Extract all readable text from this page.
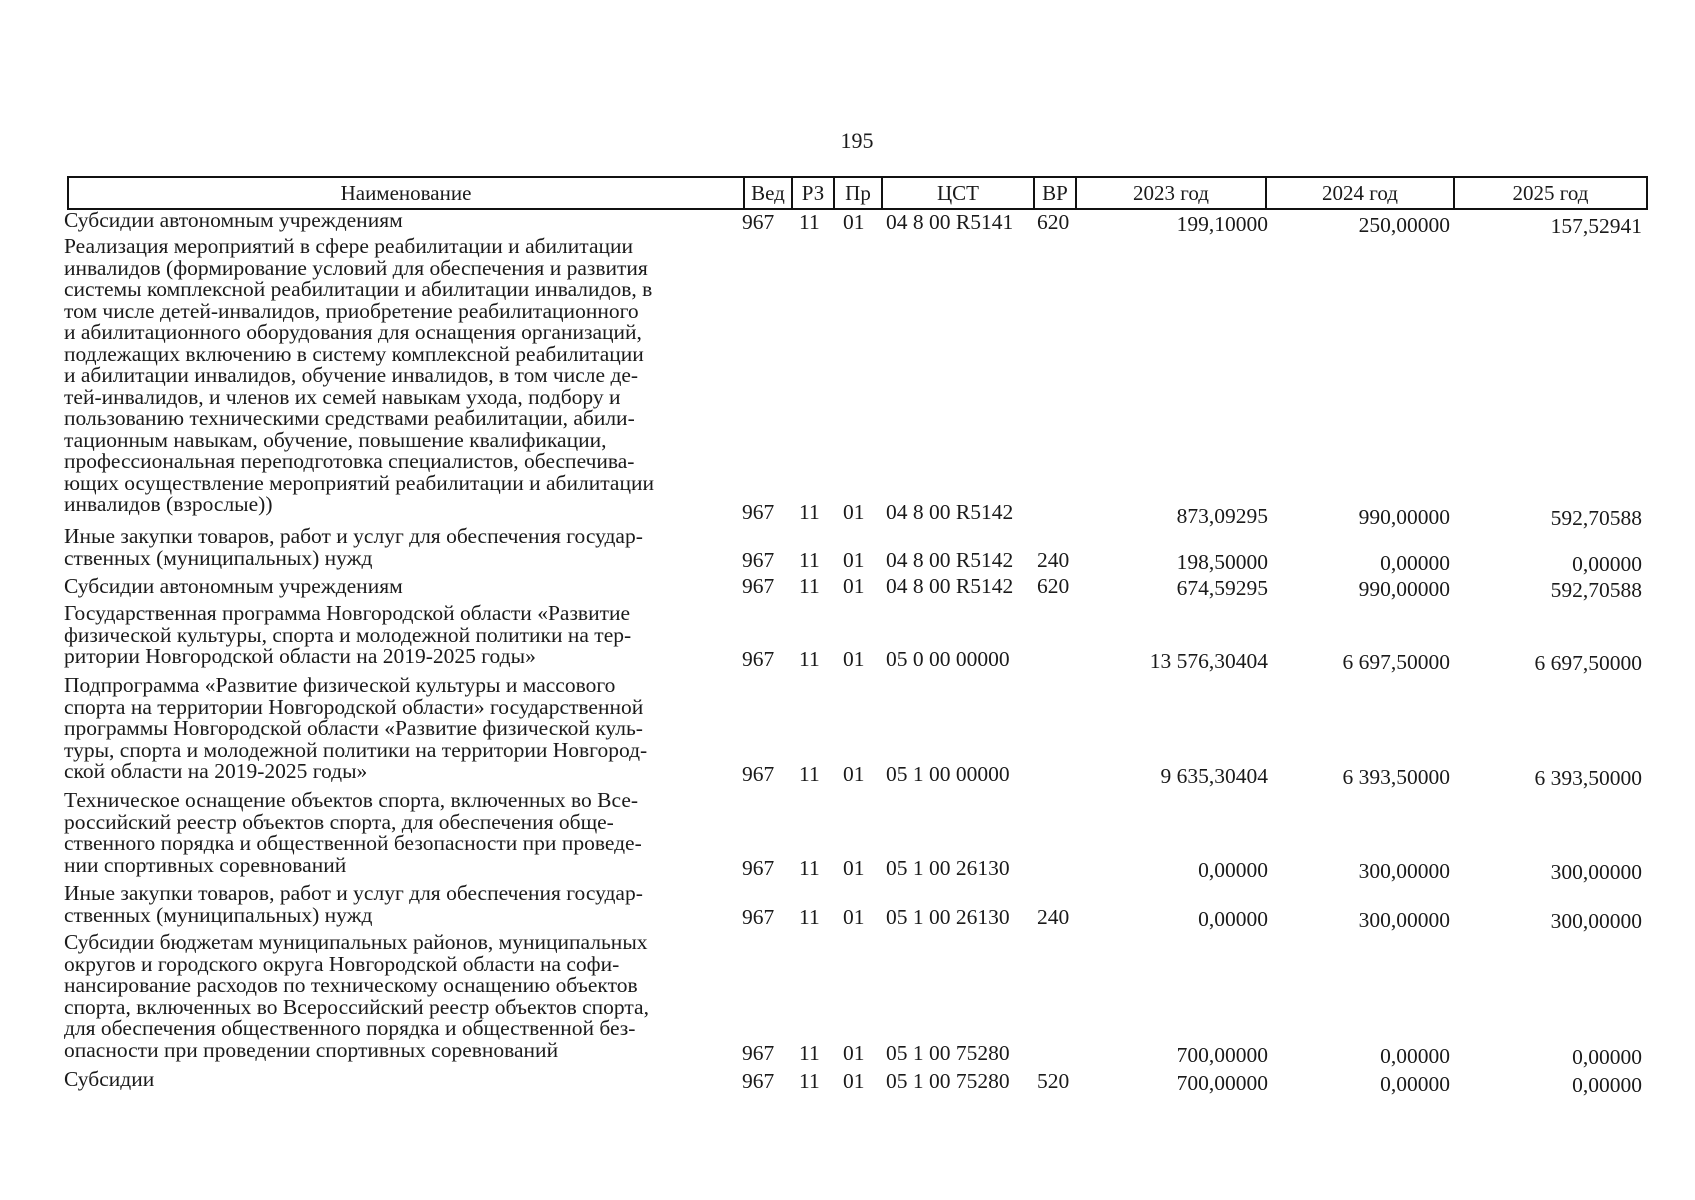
195
Наименование	Вед РЗ Пр	ЦСТ	ВР	2023 год	2024 год	2025 год
Субсидии автономным учреждениям	967	11 01	04 8 00 R5141	620	199,10000	250,00000	157,52941
Реализация мероприятий в сфере реабилитации и абилитации
инвалидов (формирование условий для обеспечения и развития
системы комплексной реабилитации и абилитации инвалидов, в
том числе детей-инвалидов, приобретение реабилитационного
и абилитационного оборудования для оснащения организаций,
подлежащих включению в систему комплексной реабилитации
и абилитации инвалидов, обучение инвалидов, в том числе де-
тей-инвалидов, и членов их семей навыкам ухода, подбору и
пользованию техническими средствами реабилитации, абили-
тационным навыкам, обучение, повышение квалификации,
профессиональная переподготовка специалистов, обеспечива-
ющих осуществление мероприятий реабилитации и абилитации
инвалидов (взрослые))	967	11 01	04 8 00 R5142	873,09295	990,00000	592,70588
Иные закупки товаров, работ и услуг для обеспечения государ-
ственных (муниципальных) нужд	967	11 01	04 8 00 R5142	240	198,50000	0,00000	0,00000
Субсидии автономным учреждениям	967	11 01	04 8 00 R5142	620	674,59295	990,00000	592,70588
Государственная программа Новгородской области «Развитие
физической культуры, спорта и молодежной политики на тер-
ритории Новгородской области на 2019-2025 годы»	967	11 01	05 0 00 00000	13 576,30404	6 697,50000	6 697,50000
Подпрограмма «Развитие физической культуры и массового
спорта на территории Новгородской области» государственной
программы Новгородской области «Развитие физической куль-
туры, спорта и молодежной политики на территории Новгород-
ской области на 2019-2025 годы»	967	11 01	05 1 00 00000	9 635,30404	6 393,50000	6 393,50000
Техническое оснащение объектов спорта, включенных во Все-
российский реестр объектов спорта, для обеспечения обще-
ственного порядка и общественной безопасности при проведе-
нии спортивных соревнований	967	11 01	05 1 00 26130	0,00000	300,00000	300,00000
Иные закупки товаров, работ и услуг для обеспечения государ-
ственных (муниципальных) нужд	967	11 01	05 1 00 26130	240	0,00000	300,00000	300,00000
Субсидии бюджетам муниципальных районов, муниципальных
округов и городского округа Новгородской области на софи-
нансирование расходов по техническому оснащению объектов
спорта, включенных во Всероссийский реестр объектов спорта,
для обеспечения общественного порядка и общественной без-
опасности при проведении спортивных соревнований	967	11 01	05 1 00 75280	700,00000	0,00000	0,00000
Субсидии	967	11 01	05 1 00 75280	520	700,00000	0,00000	0,00000
